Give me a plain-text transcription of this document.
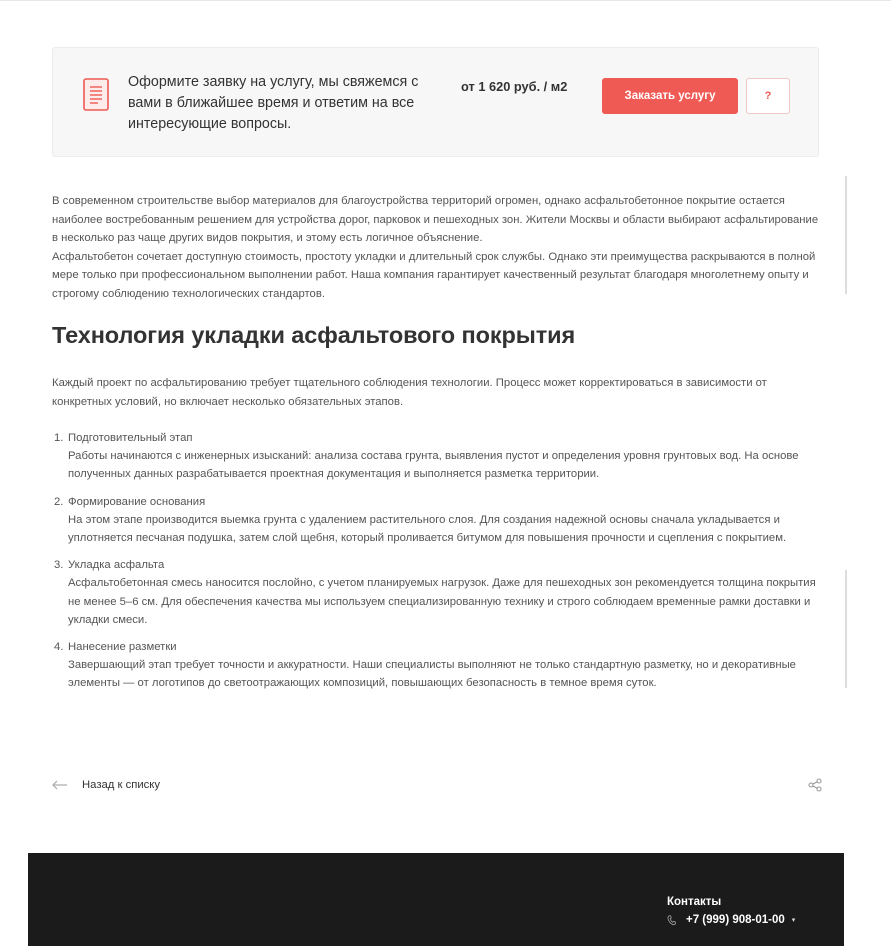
Оформите заявку на услугу, мы свяжемся с вами в ближайшее время и ответим на все интересующие вопросы.
от 1 620 руб. / м2
Заказать услугу	?

В современном строительстве выбор материалов для благоустройства территорий огромен, однако асфальтобетонное покрытие остается наиболее востребованным решением для устройства дорог, парковок и пешеходных зон. Жители Москвы и области выбирают асфальтирование в несколько раз чаще других видов покрытия, и этому есть логичное объяснение.

Асфальтобетон сочетает доступную стоимость, простоту укладки и длительный срок службы. Однако эти преимущества раскрываются в полной мере только при профессиональном выполнении работ. Наша компания гарантирует качественный результат благодаря многолетнему опыту и строгому соблюдению технологических стандартов.

Технология укладки асфальтового покрытия

Каждый проект по асфальтированию требует тщательного соблюдения технологии. Процесс может корректироваться в зависимости от конкретных условий, но включает несколько обязательных этапов.

1. Подготовительный этап
Работы начинаются с инженерных изысканий: анализа состава грунта, выявления пустот и определения уровня грунтовых вод. На основе полученных данных разрабатывается проектная документация и выполняется разметка территории.
2. Формирование основания
На этом этапе производится выемка грунта с удалением растительного слоя. Для создания надежной основы сначала укладывается и уплотняется песчаная подушка, затем слой щебня, который проливается битумом для повышения прочности и сцепления с покрытием.
3. Укладка асфальта
Асфальтобетонная смесь наносится послойно, с учетом планируемых нагрузок. Даже для пешеходных зон рекомендуется толщина покрытия не менее 5–6 см. Для обеспечения качества мы используем специализированную технику и строго соблюдаем временные рамки доставки и укладки смеси.
4. Нанесение разметки
Завершающий этап требует точности и аккуратности. Наши специалисты выполняют не только стандартную разметку, но и декоративные элементы — от логотипов до светоотражающих композиций, повышающих безопасность в темное время суток.
Назад к списку
Контакты
+7 (999) 908-01-00 ▾
